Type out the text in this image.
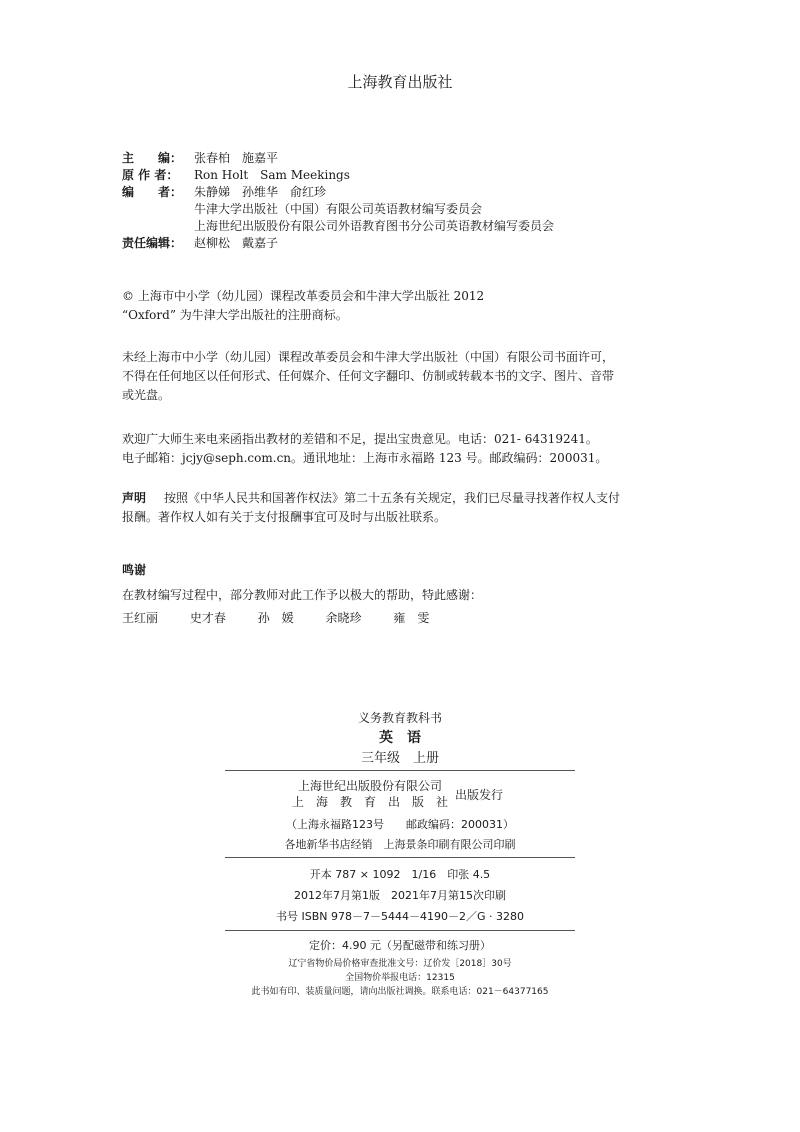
上海教育出版社
主　　编： 张春柏　施嘉平
原 作 者： Ron Holt　Sam Meekings
编　　者： 朱静娣　孙维华　俞红珍
牛津大学出版社（中国）有限公司英语教材编写委员会
上海世纪出版股份有限公司外语教育图书分公司英语教材编写委员会
责任编辑： 赵柳松　戴嘉子
© 上海市中小学（幼儿园）课程改革委员会和牛津大学出版社 2012
“Oxford” 为牛津大学出版社的注册商标。
未经上海市中小学（幼儿园）课程改革委员会和牛津大学出版社（中国）有限公司书面许可，
不得在任何地区以任何形式、任何媒介、任何文字翻印、仿制或转载本书的文字、图片、音带
或光盘。
欢迎广大师生来电来函指出教材的差错和不足，提出宝贵意见。电话：021- 64319241。
电子邮箱：jcjy@seph.com.cn。通讯地址：上海市永福路 123 号。邮政编码：200031。
声明 按照《中华人民共和国著作权法》第二十五条有关规定，我们已尽量寻找著作权人支付
报酬。著作权人如有关于支付报酬事宜可及时与出版社联系。
鸣谢
在教材编写过程中，部分教师对此工作予以极大的帮助，特此感谢：
王红丽	史才春	孙　媛	余晓珍	雍　雯
义务教育教科书
英　语
三年级　上册
上海世纪出版股份有限公司
上　海　教　育　出　版　社 出版发行
（上海永福路123号　　邮政编码：200031）
各地新华书店经销　上海景条印刷有限公司印刷
开本 787 × 1092　1/16　印张 4.5
2012年7月第1版　2021年7月第15次印刷
书号 ISBN 978－7－5444－4190－2／G · 3280
定价：4.90 元（另配磁带和练习册）
辽宁省物价局价格审查批准文号：辽价发［2018］30号
全国物价举报电话：12315
此书如有印、装质量问题，请向出版社调换。联系电话：021－64377165
